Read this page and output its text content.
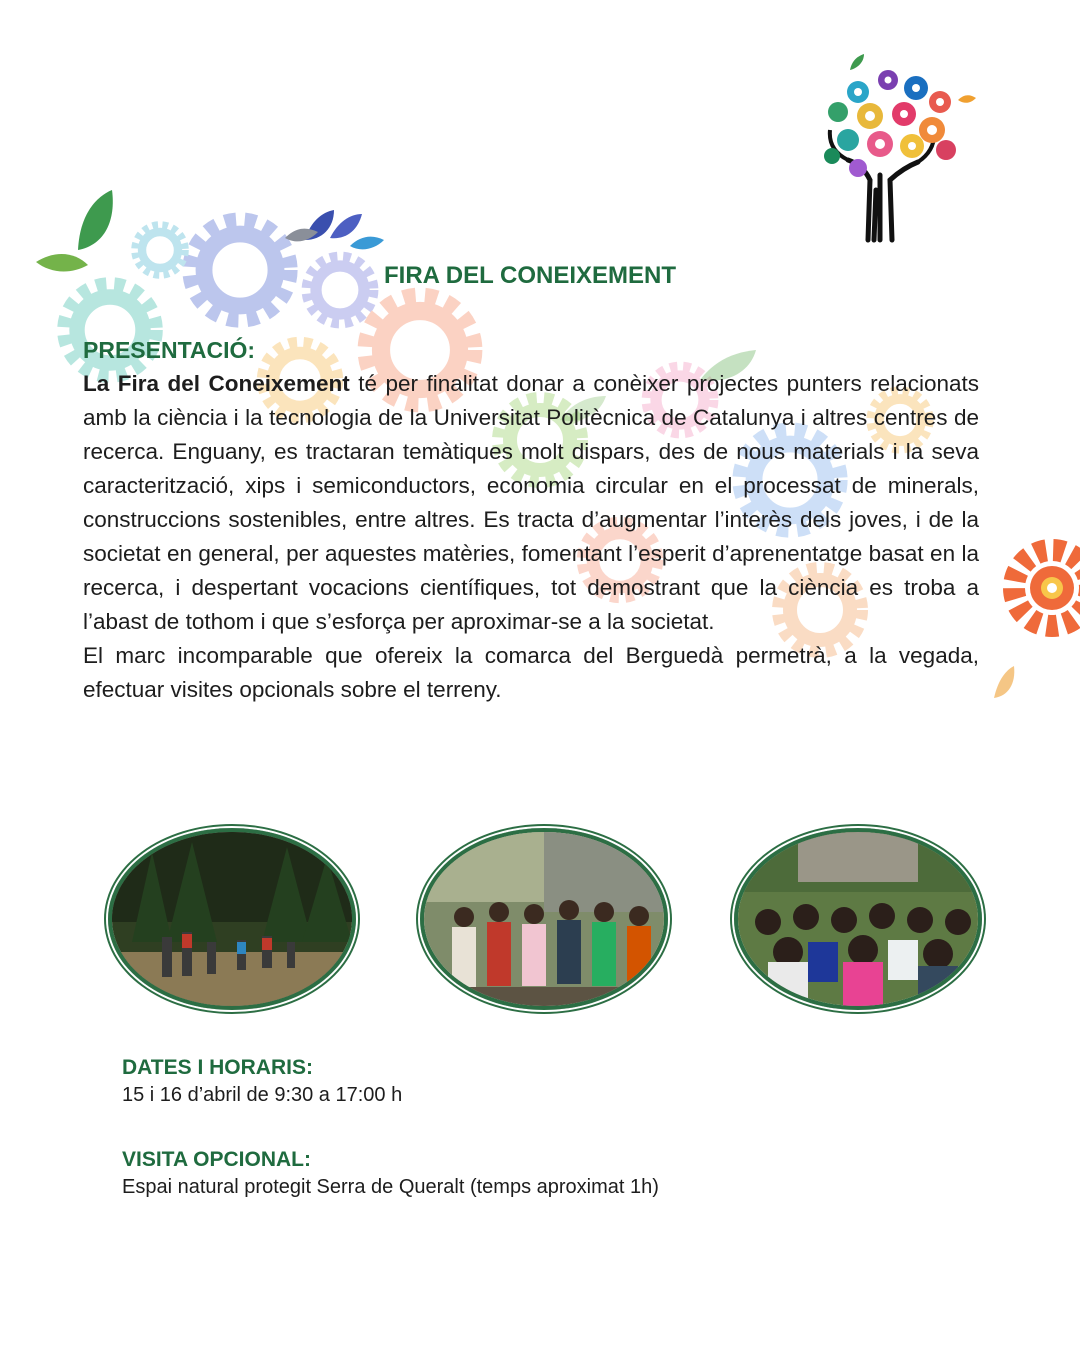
FIRA DEL CONEIXEMENT
PRESENTACIÓ:

La Fira del Coneixement té per finalitat donar a conèixer projectes punters relacionats amb la ciència i la tecnologia de la Universitat Politècnica de Catalunya i altres centres de recerca. Enguany, es tractaran temàtiques molt dispars, des de nous materials i la seva caracterització, xips i semiconductors, economia circular en el processat de minerals, construccions sostenibles, entre altres. Es tracta d’augmentar l’interès dels joves, i de la societat en general, per aquestes matèries, fomentant l’esperit d’aprenentatge basat en la recerca, i despertant vocacions científiques, tot demostrant que la ciència es troba a l’abast de tothom i que s’esforça per aproximar-se a la societat.

El marc incomparable que ofereix la comarca del Berguedà permetrà, a la vegada, efectuar visites opcionals sobre el terreny.

DATES I HORARIS:
15 i 16 d’abril de 9:30 a 17:00 h
VISITA OPCIONAL:
Espai natural protegit Serra de Queralt (temps aproximat 1h)
